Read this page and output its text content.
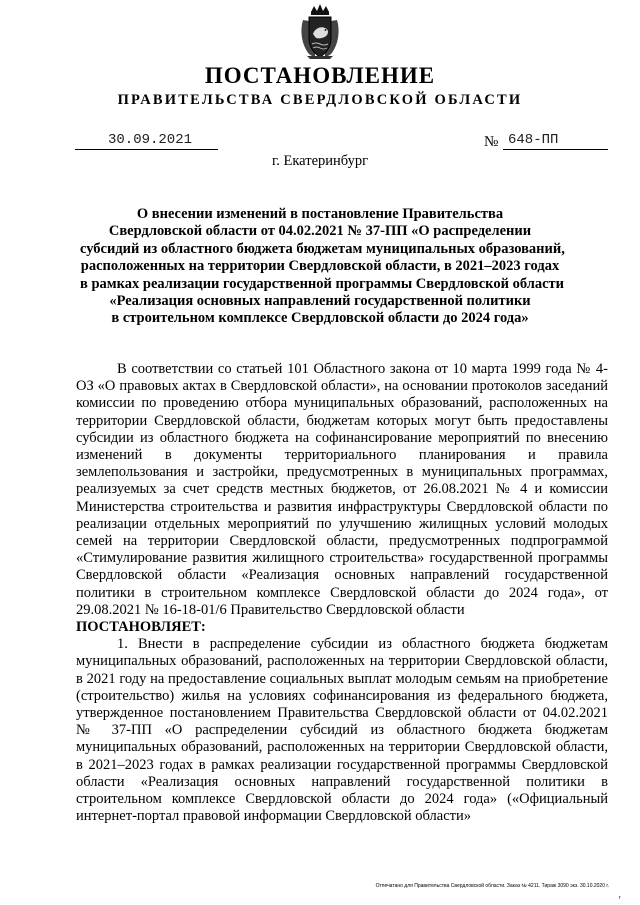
ПОСТАНОВЛЕНИЕ
ПРАВИТЕЛЬСТВА СВЕРДЛОВСКОЙ ОБЛАСТИ
30.09.2021	№ 648-ПП
г. Екатеринбург
О внесении изменений в постановление Правительства
Свердловской области от 04.02.2021 № 37-ПП «О распределении
субсидий из областного бюджета бюджетам муниципальных образований,
расположенных на территории Свердловской области, в 2021–2023 годах
в рамках реализации государственной программы Свердловской области
«Реализация основных направлений государственной политики
в строительном комплексе Свердловской области до 2024 года»

В соответствии со статьей 101 Областного закона от 10 марта 1999 года № 4-ОЗ «О правовых актах в Свердловской области», на основании протоколов заседаний комиссии по проведению отбора муниципальных образований, расположенных на территории Свердловской области, бюджетам которых могут быть предоставлены субсидии из областного бюджета на софинансирование мероприятий по внесению изменений в документы территориального планирования и правила землепользования и застройки, предусмотренных в муниципальных программах, реализуемых за счет средств местных бюджетов, от 26.08.2021 № 4 и комиссии Министерства строительства и развития инфраструктуры Свердловской области по реализации отдельных мероприятий по улучшению жилищных условий молодых семей на территории Свердловской области, предусмотренных подпрограммой «Стимулирование развития жилищного строительства» государственной программы Свердловской области «Реализация основных направлений государственной политики в строительном комплексе Свердловской области до 2024 года», от 29.08.2021 № 16-18-01/6 Правительство Свердловской области

ПОСТАНОВЛЯЕТ:

1. Внести в распределение субсидии из областного бюджета бюджетам муниципальных образований, расположенных на территории Свердловской области, в 2021 году на предоставление социальных выплат молодым семьям на приобретение (строительство) жилья на условиях софинансирования из федерального бюджета, утвержденное постановлением Правительства Свердловской области от 04.02.2021 № 37-ПП «О распределении субсидий из областного бюджета бюджетам муниципальных образований, расположенных на территории Свердловской области, в 2021–2023 годах в рамках реализации государственной программы Свердловской области «Реализация основных направлений государственной политики в строительном комплексе Свердловской области до 2024 года» («Официальный интернет-портал правовой информации Свердловской области»

Отпечатано для Правительства Свердловской области. Заказ № 4211. Тираж 3090 экз. 30.10.2020 г.
г
